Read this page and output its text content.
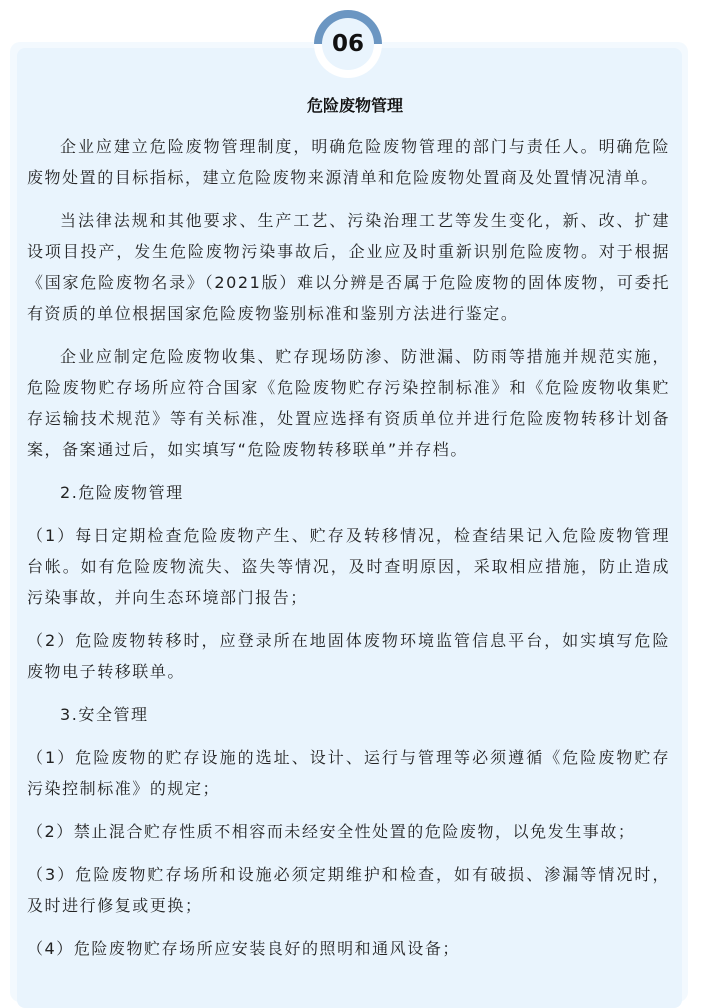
06
危险废物管理

企业应建立危险废物管理制度，明确危险废物管理的部门与责任人。明确危险废物处置的目标指标，建立危险废物来源清单和危险废物处置商及处置情况清单。

当法律法规和其他要求、生产工艺、污染治理工艺等发生变化，新、改、扩建设项目投产，发生危险废物污染事故后，企业应及时重新识别危险废物。对于根据《国家危险废物名录》（2021版）难以分辨是否属于危险废物的固体废物，可委托有资质的单位根据国家危险废物鉴别标准和鉴别方法进行鉴定。

企业应制定危险废物收集、贮存现场防渗、防泄漏、防雨等措施并规范实施，危险废物贮存场所应符合国家《危险废物贮存污染控制标准》和《危险废物收集贮存运输技术规范》等有关标准，处置应选择有资质单位并进行危险废物转移计划备案，备案通过后，如实填写“危险废物转移联单”并存档。

2.危险废物管理

（1）每日定期检查危险废物产生、贮存及转移情况，检查结果记入危险废物管理台帐。如有危险废物流失、盗失等情况，及时查明原因，采取相应措施，防止造成污染事故，并向生态环境部门报告；

（2）危险废物转移时，应登录所在地固体废物环境监管信息平台，如实填写危险废物电子转移联单。

3.安全管理

（1）危险废物的贮存设施的选址、设计、运行与管理等必须遵循《危险废物贮存污染控制标准》的规定；

（2）禁止混合贮存性质不相容而未经安全性处置的危险废物，以免发生事故；

（3）危险废物贮存场所和设施必须定期维护和检查，如有破损、渗漏等情况时，及时进行修复或更换；

（4）危险废物贮存场所应安装良好的照明和通风设备；
